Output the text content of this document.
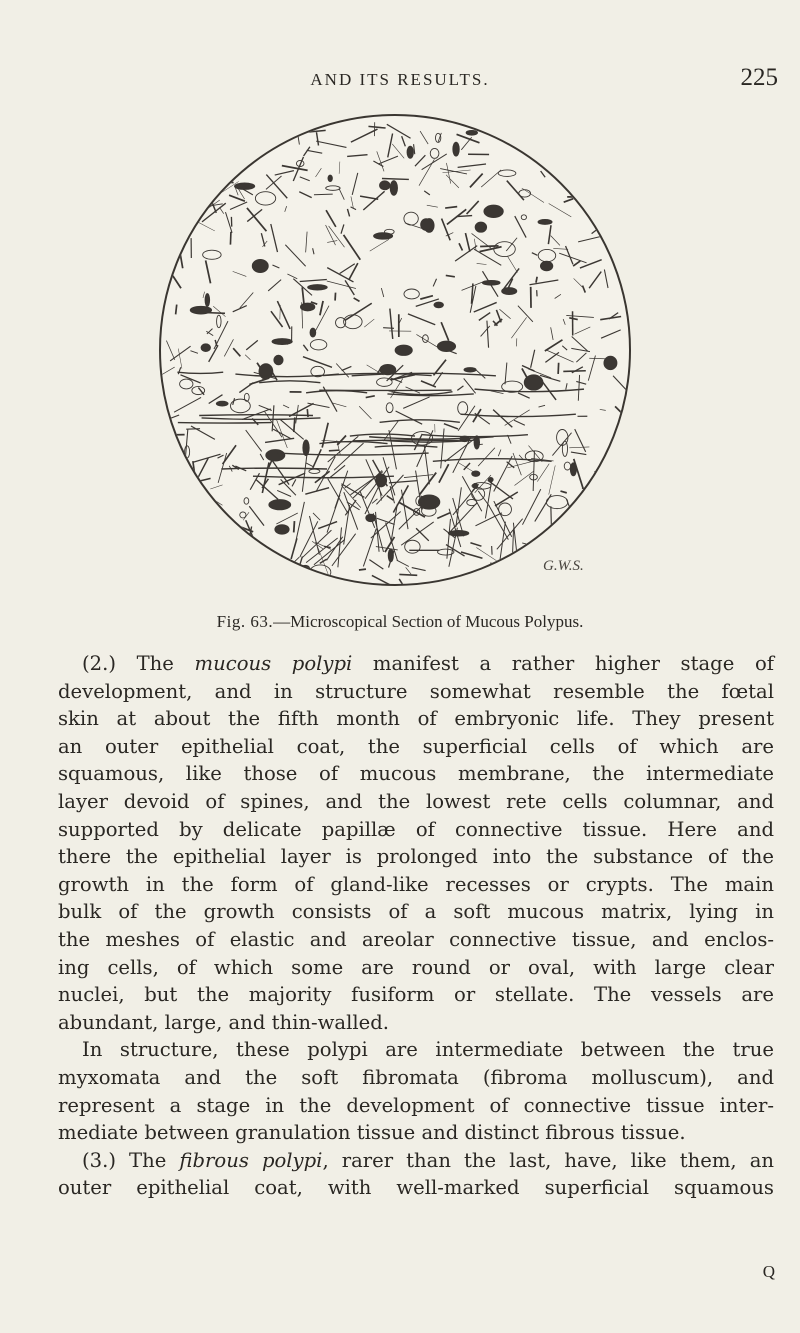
AND ITS RESULTS.	225
G.W.S.
Fig. 63.—Microscopical Section of Mucous Polypus.

(2.) The mucous polypi manifest a rather higher stage of
development, and in structure somewhat resemble the fœtal
skin at about the fifth month of embryonic life. They present
an outer epithelial coat, the superficial cells of which are
squamous, like those of mucous membrane, the intermediate
layer devoid of spines, and the lowest rete cells columnar, and
supported by delicate papillæ of connective tissue. Here and
there the epithelial layer is prolonged into the substance of the
growth in the form of gland-like recesses or crypts. The main
bulk of the growth consists of a soft mucous matrix, lying in
the meshes of elastic and areolar connective tissue, and enclos-
ing cells, of which some are round or oval, with large clear
nuclei, but the majority fusiform or stellate. The vessels are
abundant, large, and thin-walled.

In structure, these polypi are intermediate between the true
myxomata and the soft fibromata (fibroma molluscum), and
represent a stage in the development of connective tissue inter-
mediate between granulation tissue and distinct fibrous tissue.

(3.) The fibrous polypi, rarer than the last, have, like them, an
outer epithelial coat, with well-marked superficial squamous

Q
